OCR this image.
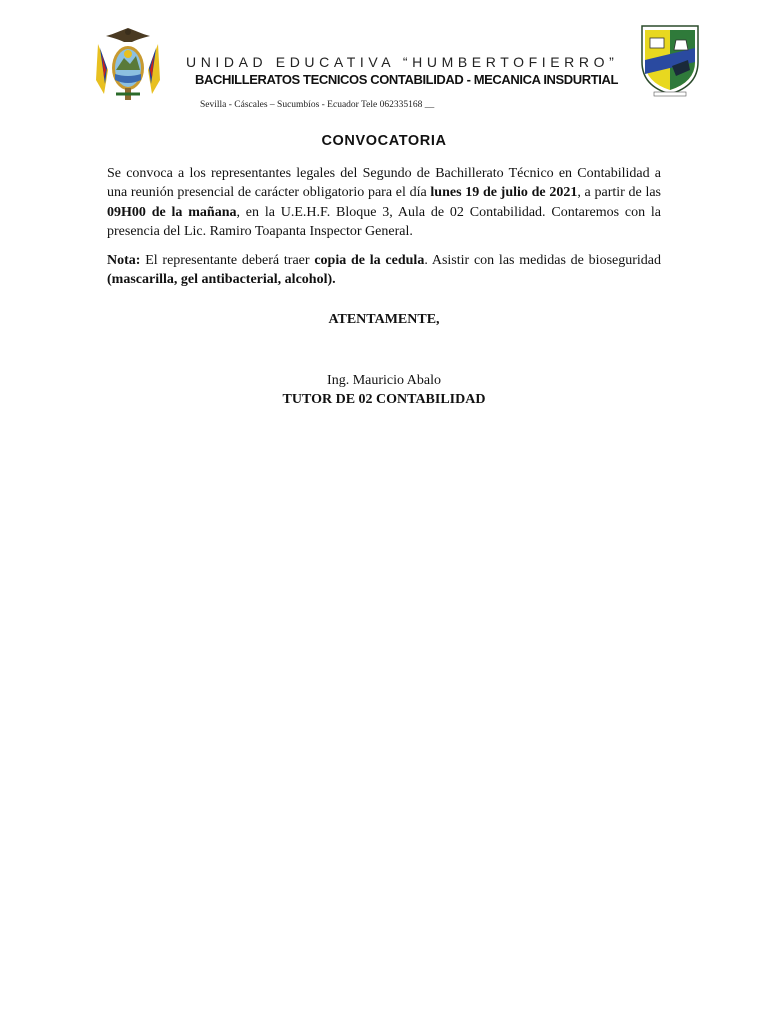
UNIDAD EDUCATIVA “HUMBERTOFIERRO”
BACHILLERATOS TECNICOS CONTABILIDAD - MECANICA INSDURTIAL
Sevilla - Cáscales – Sucumbíos - Ecuador Tele 062335168 __
CONVOCATORIA

Se convoca a los representantes legales del Segundo de Bachillerato Técnico en Contabilidad a una reunión presencial de carácter obligatorio para el día lunes 19 de julio de 2021, a partir de las 09H00 de la mañana, en la U.E.H.F. Bloque 3, Aula de 02 Contabilidad. Contaremos con la presencia del Lic. Ramiro Toapanta Inspector General.

Nota: El representante deberá traer copia de la cedula. Asistir con las medidas de bioseguridad (mascarilla, gel antibacterial, alcohol).

ATENTAMENTE,
Ing. Mauricio Abalo
TUTOR DE 02 CONTABILIDAD
